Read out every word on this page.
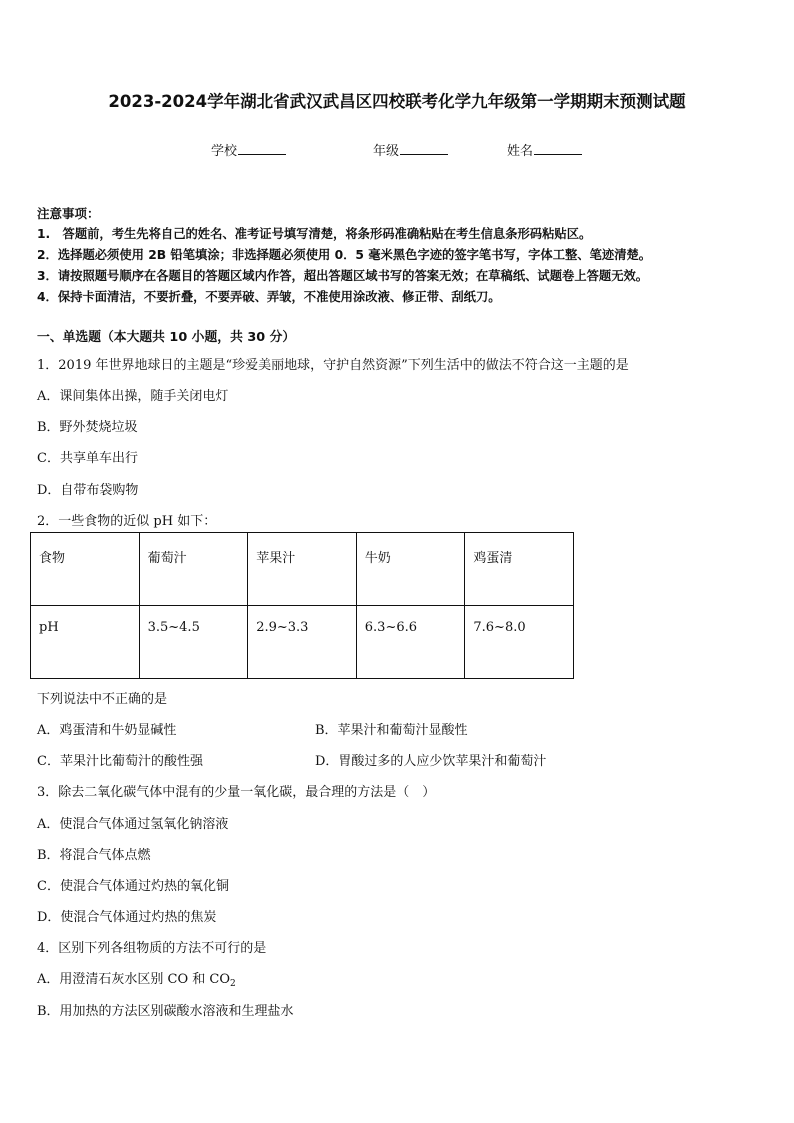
2023-2024学年湖北省武汉武昌区四校联考化学九年级第一学期期末预测试题
学校	年级	姓名
注意事项：
1.　答题前，考生先将自己的姓名、准考证号填写清楚，将条形码准确粘贴在考生信息条形码粘贴区。
2．选择题必须使用 2B 铅笔填涂；非选择题必须使用 0．5 毫米黑色字迹的签字笔书写，字体工整、笔迹清楚。
3．请按照题号顺序在各题目的答题区域内作答，超出答题区域书写的答案无效；在草稿纸、试题卷上答题无效。
4．保持卡面清洁，不要折叠，不要弄破、弄皱，不准使用涂改液、修正带、刮纸刀。
一、单选题（本大题共 10 小题，共 30 分）
1．2019 年世界地球日的主题是“珍爱美丽地球，守护自然资源”下列生活中的做法不符合这一主题的是
A．课间集体出操，随手关闭电灯
B．野外焚烧垃圾
C．共享单车出行
D．自带布袋购物
2．一些食物的近似 pH 如下：
食物	葡萄汁	苹果汁	牛奶	鸡蛋清
pH	3.5~4.5	2.9~3.3	6.3~6.6	7.6~8.0
下列说法中不正确的是
A．鸡蛋清和牛奶显碱性	B．苹果汁和葡萄汁显酸性
C．苹果汁比葡萄汁的酸性强	D．胃酸过多的人应少饮苹果汁和葡萄汁
3．除去二氧化碳气体中混有的少量一氧化碳，最合理的方法是（　）
A．使混合气体通过氢氧化钠溶液
B．将混合气体点燃
C．使混合气体通过灼热的氧化铜
D．使混合气体通过灼热的焦炭
4．区别下列各组物质的方法不可行的是
A．用澄清石灰水区别 CO 和 $CO_2$
B．用加热的方法区别碳酸水溶液和生理盐水
